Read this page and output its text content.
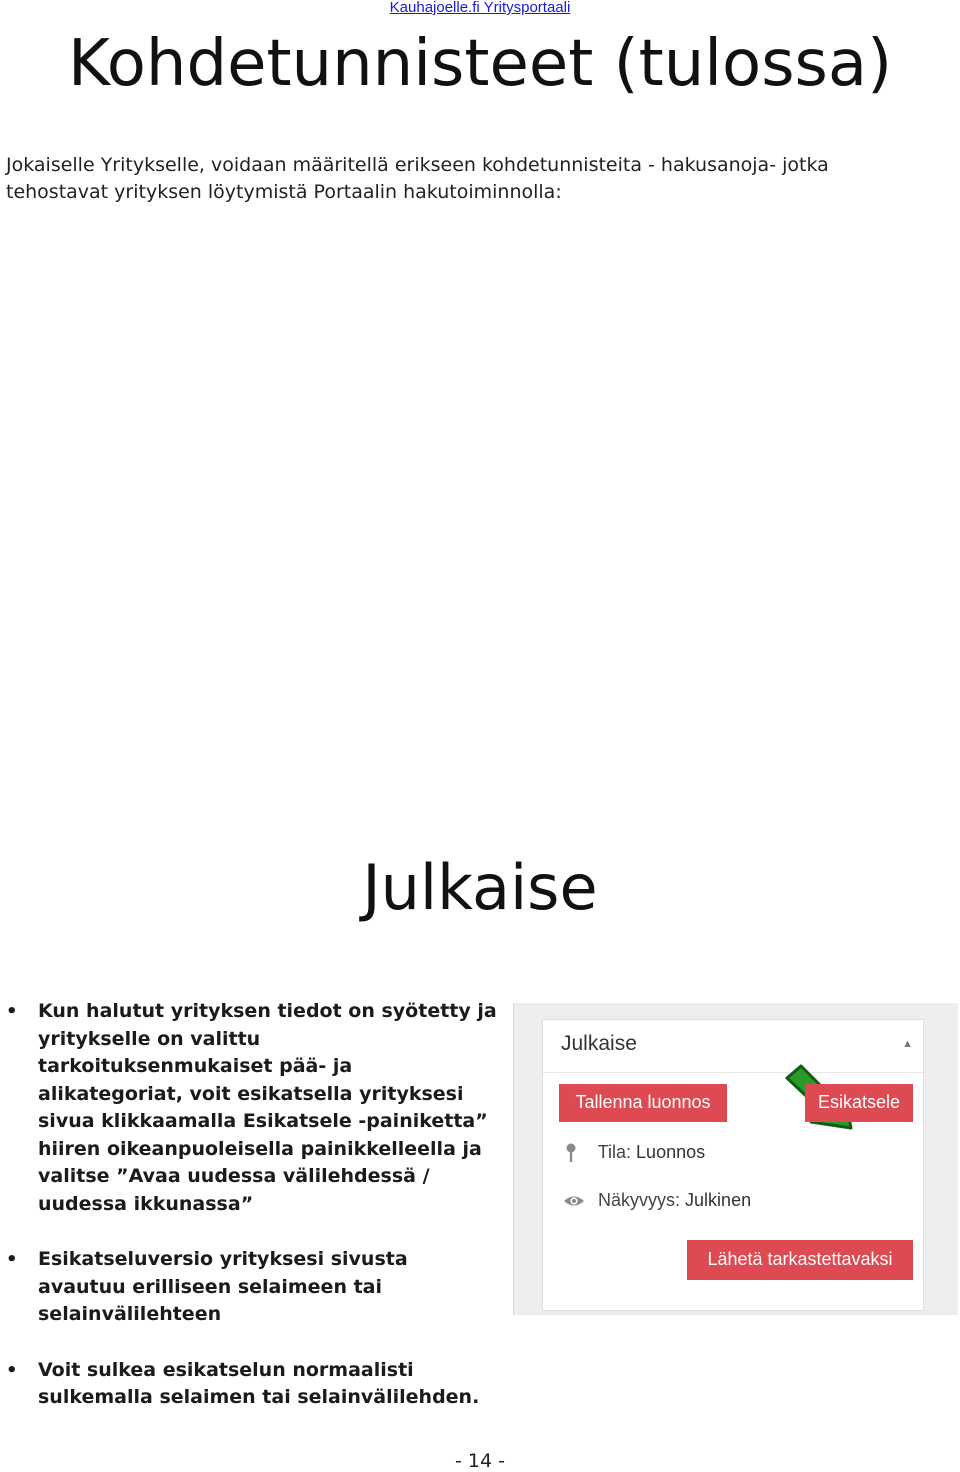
Kauhajoelle.fi Yritysportaali
Kohdetunnisteet (tulossa)

Jokaiselle Yritykselle, voidaan määritellä erikseen kohdetunnisteita - hakusanoja- jotka tehostavat yrityksen löytymistä Portaalin hakutoiminnolla:

Julkaise
• Kun halutut yrityksen tiedot on syötetty ja yritykselle on valittu tarkoituksenmukaiset pää- ja alikategoriat, voit esikatsella yrityksesi sivua klikkaamalla Esikatsele -painiketta” hiiren oikeanpuoleisella painikkelleella ja valitse ”Avaa uudessa välilehdessä / uudessa ikkunassa”
• Esikatseluversio yrityksesi sivusta avautuu erilliseen selaimeen tai selainvälilehteen
• Voit sulkea esikatselun normaalisti sulkemalla selaimen tai selainvälilehden.
Julkaise	▲
Tallenna luonnos	Esikatsele
Tila: Luonnos
Näkyvyys: Julkinen
Lähetä tarkastettavaksi
- 14 -
